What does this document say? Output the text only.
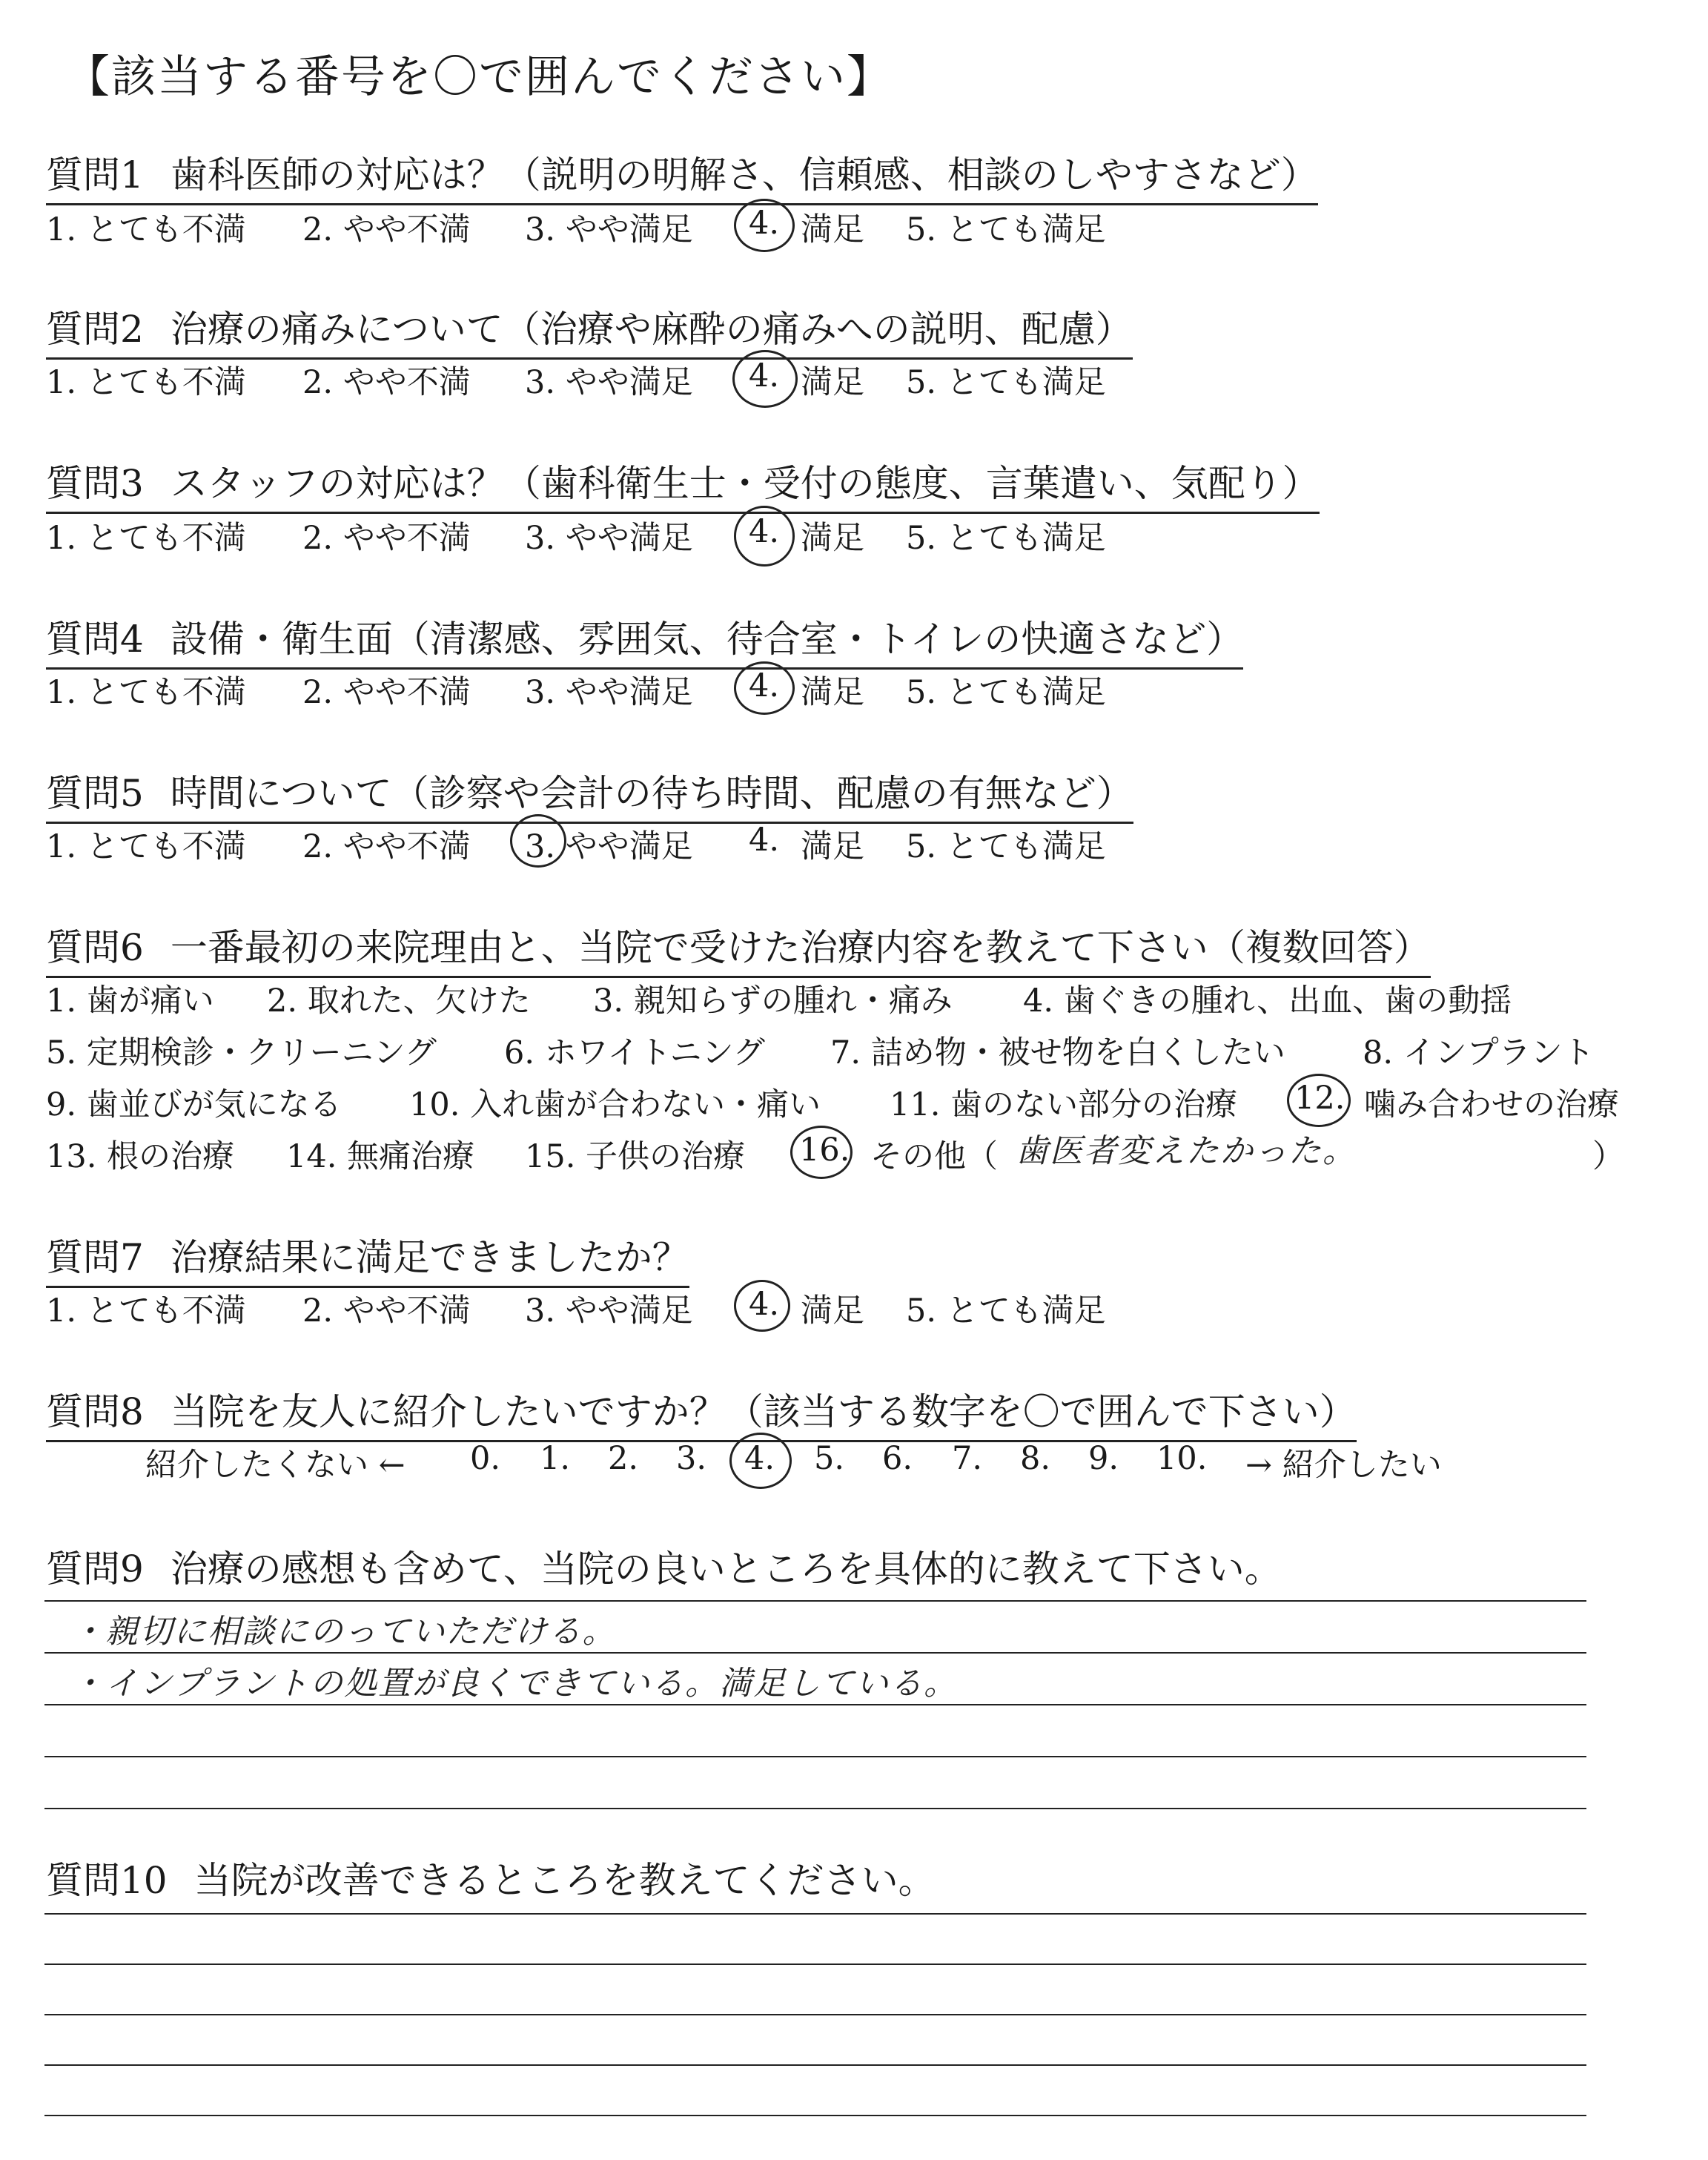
【該当する番号を〇で囲んでください】
質問1 歯科医師の対応は？（説明の明解さ、信頼感、相談のしやすさなど）
1. とても不満 2. やや不満 3. やや満足 4. 満足 5. とても満足
質問2 治療の痛みについて（治療や麻酔の痛みへの説明、配慮）
1. とても不満 2. やや不満 3. やや満足 4. 満足 5. とても満足
質問3 スタッフの対応は？（歯科衛生士・受付の態度、言葉遣い、気配り）
1. とても不満 2. やや不満 3. やや満足 4. 満足 5. とても満足
質問4 設備・衛生面（清潔感、雰囲気、待合室・トイレの快適さなど）
1. とても不満 2. やや不満 3. やや満足 4. 満足 5. とても満足
質問5 時間について（診察や会計の待ち時間、配慮の有無など）
1. とても不満 2. やや不満 3. やや満足 4. 満足 5. とても満足
質問6 一番最初の来院理由と、当院で受けた治療内容を教えて下さい（複数回答）
1. 歯が痛い 2. 取れた、欠けた 3. 親知らずの腫れ・痛み 4. 歯ぐきの腫れ、出血、歯の動揺
5. 定期検診・クリーニング 6. ホワイトニング 7. 詰め物・被せ物を白くしたい 8. インプラント
9. 歯並びが気になる 10. 入れ歯が合わない・痛い 11. 歯のない部分の治療 12. 噛み合わせの治療
13. 根の治療 14. 無痛治療 15. 子供の治療 16. その他（ 歯医者変えたかった。	）
質問7 治療結果に満足できましたか？
1. とても不満 2. やや不満 3. やや満足 4. 満足 5. とても満足
質問8 当院を友人に紹介したいですか？（該当する数字を〇で囲んで下さい）
紹介したくない ← 0. 1. 2. 3. 4. 5. 6. 7. 8. 9. 10. → 紹介したい
質問9 治療の感想も含めて、当院の良いところを具体的に教えて下さい。
・親切に相談にのっていただける。
・インプラントの処置が良くできている。満足している。
質問10 当院が改善できるところを教えてください。
